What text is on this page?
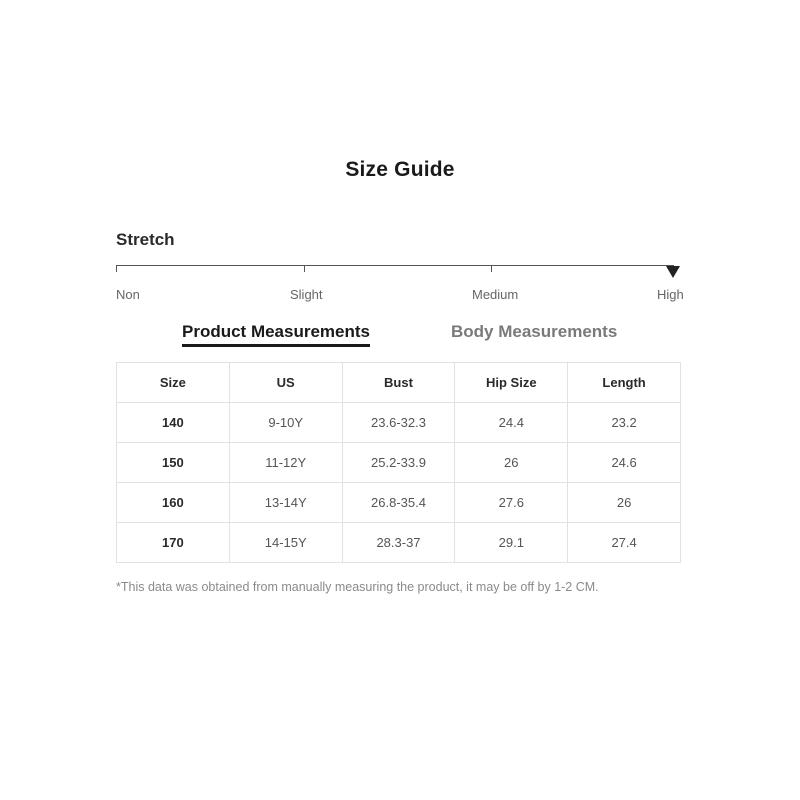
Size Guide
Stretch
Non	Slight	Medium	High
Product Measurements	Body Measurements
Size	US	Bust	Hip Size	Length
140	9-10Y	23.6-32.3	24.4	23.2
150	11-12Y	25.2-33.9	26	24.6
160	13-14Y	26.8-35.4	27.6	26
170	14-15Y	28.3-37	29.1	27.4
*This data was obtained from manually measuring the product, it may be off by 1-2 CM.
